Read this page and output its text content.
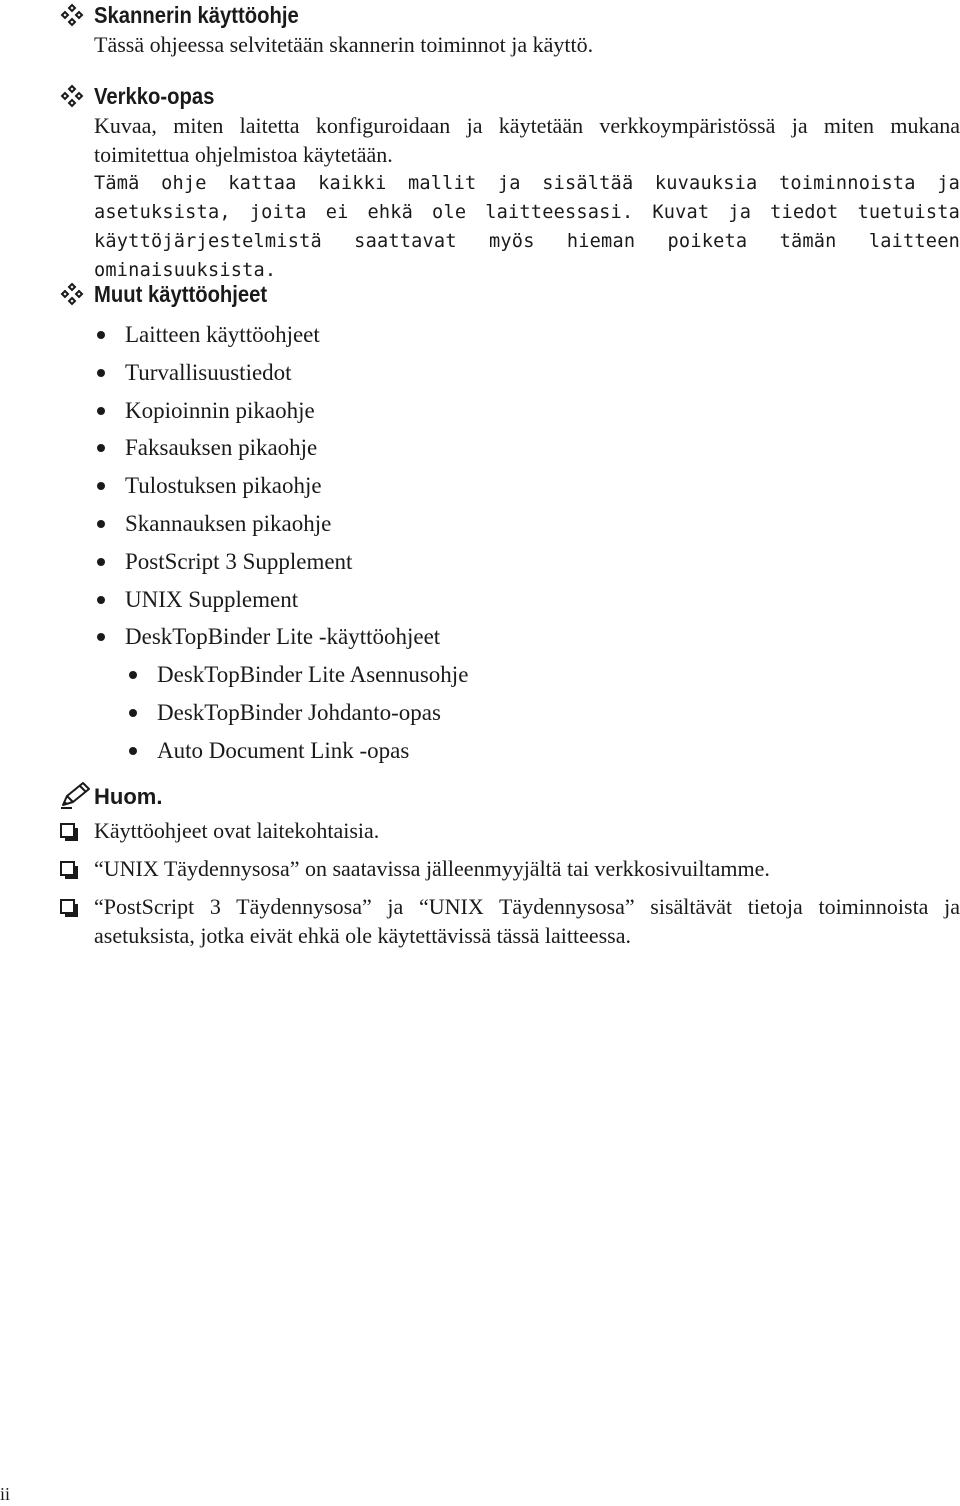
Skannerin käyttöohje
Tässä ohjeessa selvitetään skannerin toiminnot ja käyttö.
Verkko-opas
Kuvaa, miten laitetta konfiguroidaan ja käytetään verkkoympäristössä ja miten mukana toimitettua ohjelmistoa käytetään.
Tämä ohje kattaa kaikki mallit ja sisältää kuvauksia toiminnoista ja asetuksista, joita ei ehkä ole laitteessasi. Kuvat ja tiedot tuetuista käyttöjärjestelmistä saattavat myös hieman poiketa tämän laitteen ominaisuuksista.
Muut käyttöohjeet
Laitteen käyttöohjeet
Turvallisuustiedot
Kopioinnin pikaohje
Faksauksen pikaohje
Tulostuksen pikaohje
Skannauksen pikaohje
PostScript 3 Supplement
UNIX Supplement
DeskTopBinder Lite -käyttöohjeet
DeskTopBinder Lite Asennusohje
DeskTopBinder Johdanto-opas
Auto Document Link -opas
Huom.
Käyttöohjeet ovat laitekohtaisia.
“UNIX Täydennysosa” on saatavissa jälleenmyyjältä tai verkkosivuiltamme.
“PostScript 3 Täydennysosa” ja “UNIX Täydennysosa” sisältävät tietoja toiminnoista ja asetuksista, jotka eivät ehkä ole käytettävissä tässä laitteessa.
ii
